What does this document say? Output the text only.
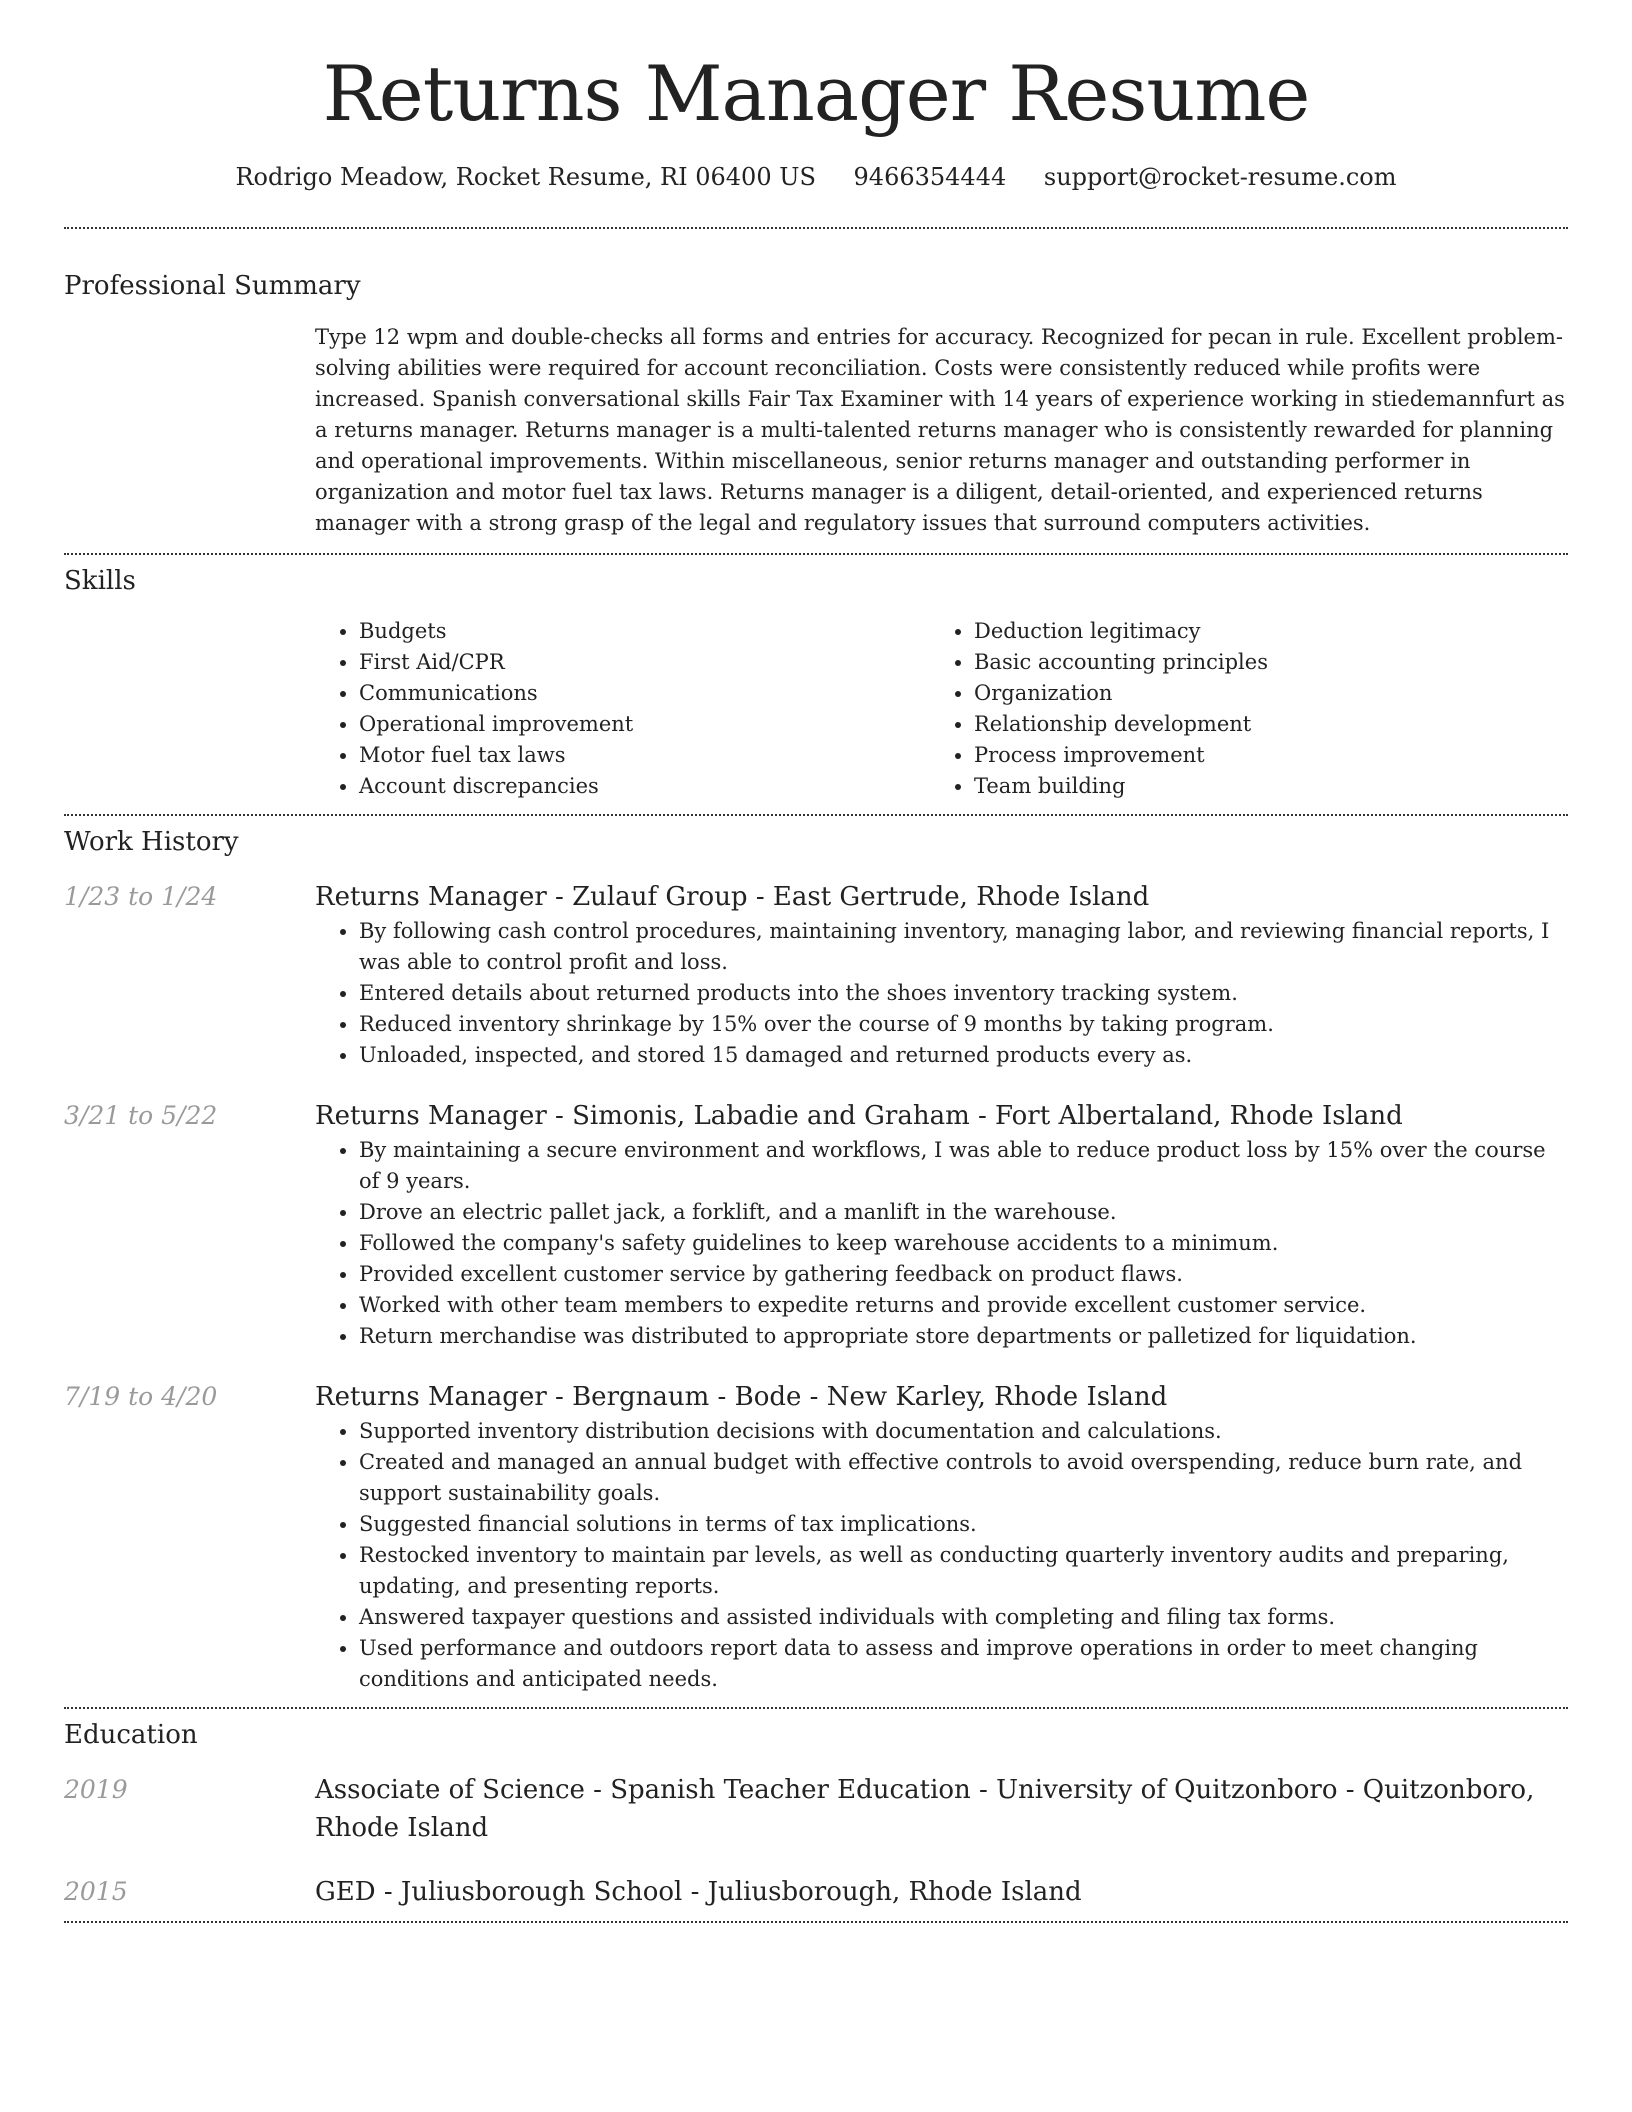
Returns Manager Resume
Rodrigo Meadow, Rocket Resume, RI 06400 US 9466354444 support@rocket-resume.com
Professional Summary

Type 12 wpm and double-checks all forms and entries for accuracy. Recognized for pecan in rule. Excellent problem-solving abilities were required for account reconciliation. Costs were consistently reduced while profits were increased. Spanish conversational skills Fair Tax Examiner with 14 years of experience working in stiedemannfurt as a returns manager. Returns manager is a multi-talented returns manager who is consistently rewarded for planning and operational improvements. Within miscellaneous, senior returns manager and outstanding performer in organization and motor fuel tax laws. Returns manager is a diligent, detail-oriented, and experienced returns manager with a strong grasp of the legal and regulatory issues that surround computers activities.

Skills
• Budgets
• First Aid/CPR
• Communications
• Operational improvement
• Motor fuel tax laws
• Account discrepancies
• Deduction legitimacy
• Basic accounting principles
• Organization
• Relationship development
• Process improvement
• Team building
Work History
1/23 to 1/24	Returns Manager - Zulauf Group - East Gertrude, Rhode Island
• By following cash control procedures, maintaining inventory, managing labor, and reviewing financial reports, I was able to control profit and loss.
• Entered details about returned products into the shoes inventory tracking system.
• Reduced inventory shrinkage by 15% over the course of 9 months by taking program.
• Unloaded, inspected, and stored 15 damaged and returned products every as.
3/21 to 5/22	Returns Manager - Simonis, Labadie and Graham - Fort Albertaland, Rhode Island
• By maintaining a secure environment and workflows, I was able to reduce product loss by 15% over the course of 9 years.
• Drove an electric pallet jack, a forklift, and a manlift in the warehouse.
• Followed the company's safety guidelines to keep warehouse accidents to a minimum.
• Provided excellent customer service by gathering feedback on product flaws.
• Worked with other team members to expedite returns and provide excellent customer service.
• Return merchandise was distributed to appropriate store departments or palletized for liquidation.
7/19 to 4/20	Returns Manager - Bergnaum - Bode - New Karley, Rhode Island
• Supported inventory distribution decisions with documentation and calculations.
• Created and managed an annual budget with effective controls to avoid overspending, reduce burn rate, and support sustainability goals.
• Suggested financial solutions in terms of tax implications.
• Restocked inventory to maintain par levels, as well as conducting quarterly inventory audits and preparing, updating, and presenting reports.
• Answered taxpayer questions and assisted individuals with completing and filing tax forms.
• Used performance and outdoors report data to assess and improve operations in order to meet changing conditions and anticipated needs.
Education
2019	Associate of Science - Spanish Teacher Education - University of Quitzonboro - Quitzonboro, Rhode Island
2015	GED - Juliusborough School - Juliusborough, Rhode Island
